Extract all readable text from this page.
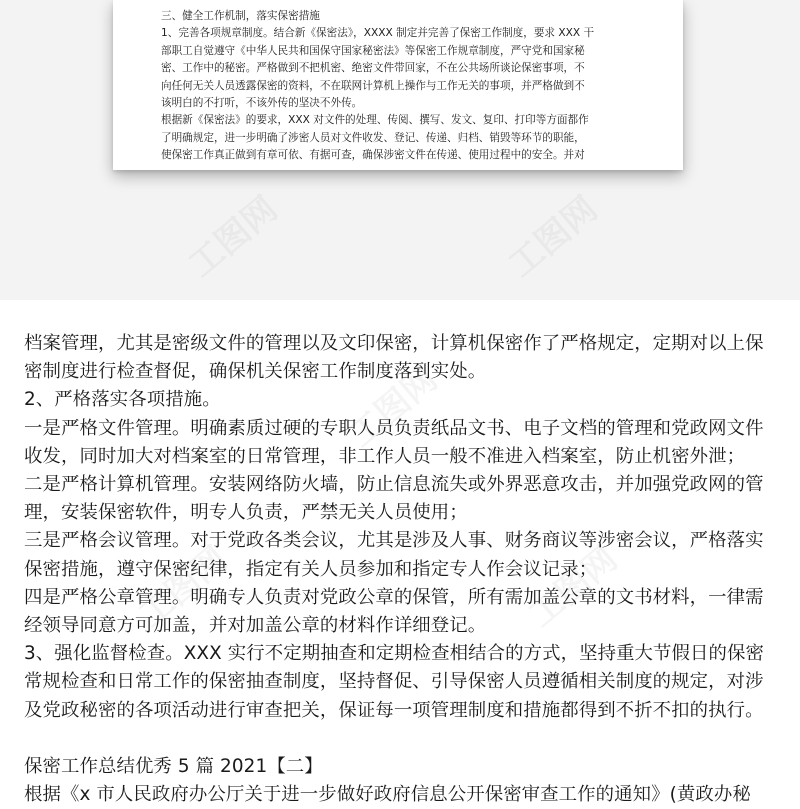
三、健全工作机制，落实保密措施

1、完善各项规章制度。结合新《保密法》，XXXX 制定并完善了保密工作制度，要求 XXX 干

部职工自觉遵守《中华人民共和国保守国家秘密法》等保密工作规章制度，严守党和国家秘

密、工作中的秘密。严格做到不把机密、绝密文件带回家，不在公共场所谈论保密事项，不

向任何无关人员透露保密的资料，不在联网计算机上操作与工作无关的事项，并严格做到不

该明白的不打听，不该外传的坚决不外传。

根据新《保密法》的要求，XXX 对文件的处理、传阅、撰写、发文、复印、打印等方面都作

了明确规定，进一步明确了涉密人员对文件收发、登记、传递、归档、销毁等环节的职能，

使保密工作真正做到有章可依、有据可查，确保涉密文件在传递、使用过程中的安全。并对

工图网	工图网
工图网
工图网	工图网

档案管理，尤其是密级文件的管理以及文印保密，计算机保密作了严格规定，定期对以上保

密制度进行检查督促，确保机关保密工作制度落到实处。

2、严格落实各项措施。

一是严格文件管理。明确素质过硬的专职人员负责纸品文书、电子文档的管理和党政网文件

收发，同时加大对档案室的日常管理，非工作人员一般不准进入档案室，防止机密外泄；

二是严格计算机管理。安装网络防火墙，防止信息流失或外界恶意攻击，并加强党政网的管

理，安装保密软件，明专人负责，严禁无关人员使用；

三是严格会议管理。对于党政各类会议，尤其是涉及人事、财务商议等涉密会议，严格落实

保密措施，遵守保密纪律，指定有关人员参加和指定专人作会议记录；

四是严格公章管理。明确专人负责对党政公章的保管，所有需加盖公章的文书材料，一律需

经领导同意方可加盖，并对加盖公章的材料作详细登记。

3、强化监督检查。XXX 实行不定期抽查和定期检查相结合的方式，坚持重大节假日的保密

常规检查和日常工作的保密抽查制度，坚持督促、引导保密人员遵循相关制度的规定，对涉

及党政秘密的各项活动进行审查把关，保证每一项管理制度和措施都得到不折不扣的执行。

保密工作总结优秀 5 篇 2021【二】

根据《x 市人民政府办公厅关于进一步做好政府信息公开保密审查工作的通知》(黄政办秘
